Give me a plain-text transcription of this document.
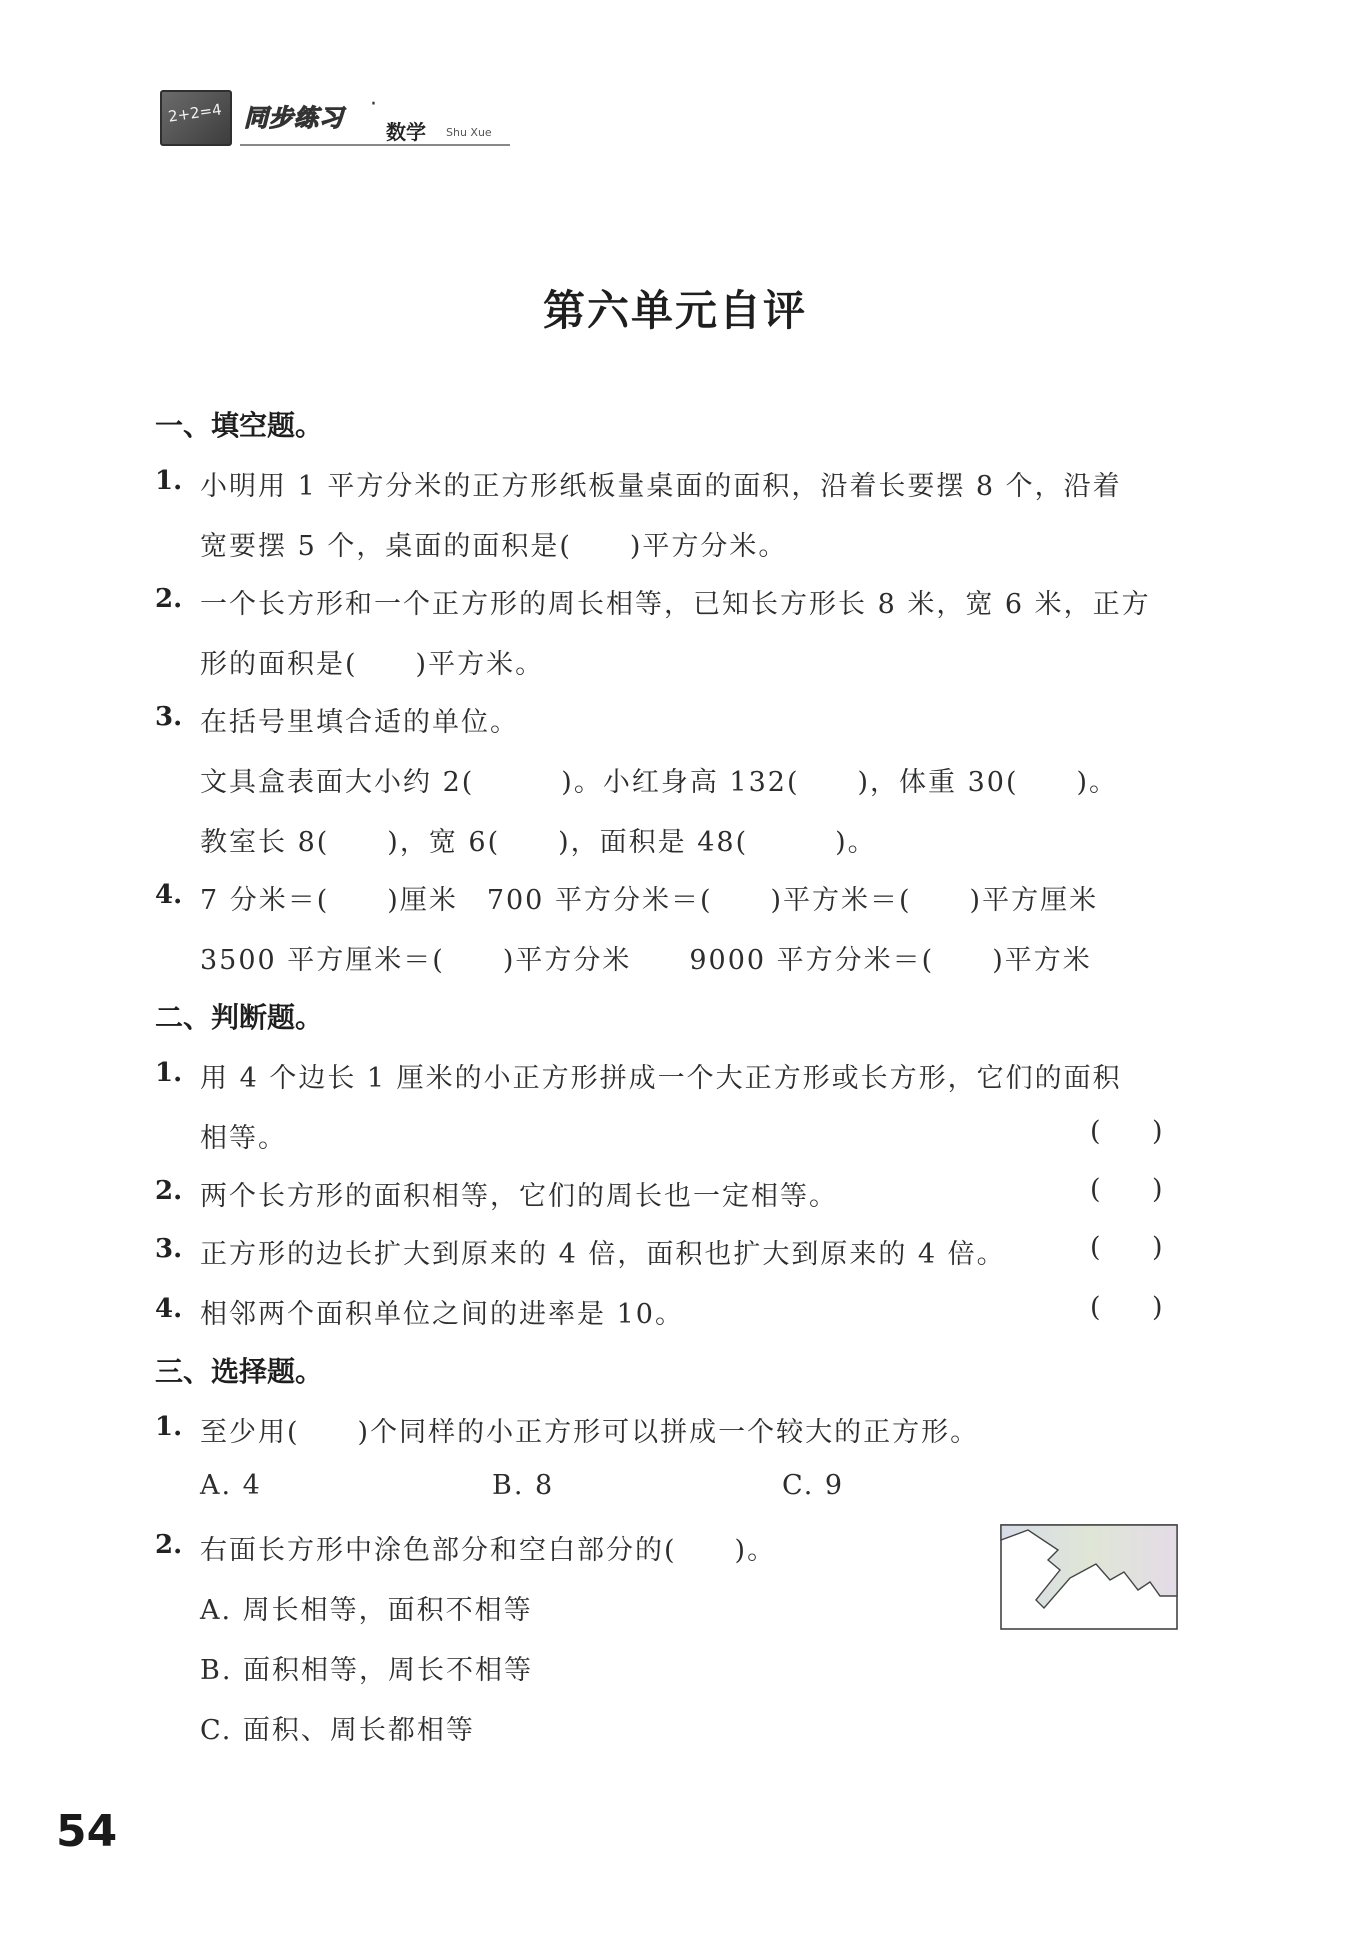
2+2=4 同步练习 ·
数学 Shu Xue
第六单元自评
一、填空题。
1. 小明用 1 平方分米的正方形纸板量桌面的面积，沿着长要摆 8 个，沿着
宽要摆 5 个，桌面的面积是(　　)平方分米。
2. 一个长方形和一个正方形的周长相等，已知长方形长 8 米，宽 6 米，正方
形的面积是(　　)平方米。
3. 在括号里填合适的单位。
文具盒表面大小约 2(　　　)。小红身高 132(　　)，体重 30(　　)。
教室长 8(　　)，宽 6(　　)，面积是 48(　　　)。
4. 7 分米＝(　　)厘米　700 平方分米＝(　　)平方米＝(　　)平方厘米
3500 平方厘米＝(　　)平方分米　　9000 平方分米＝(　　)平方米
二、判断题。
1. 用 4 个边长 1 厘米的小正方形拼成一个大正方形或长方形，它们的面积
相等。	(      )
2. 两个长方形的面积相等，它们的周长也一定相等。	(      )
3. 正方形的边长扩大到原来的 4 倍，面积也扩大到原来的 4 倍。	(      )
4. 相邻两个面积单位之间的进率是 10。	(      )
三、选择题。
1. 至少用(　　)个同样的小正方形可以拼成一个较大的正方形。
A. 4	B. 8	C. 9
2. 右面长方形中涂色部分和空白部分的(　　)。
A. 周长相等，面积不相等
B. 面积相等，周长不相等
C. 面积、周长都相等
54
